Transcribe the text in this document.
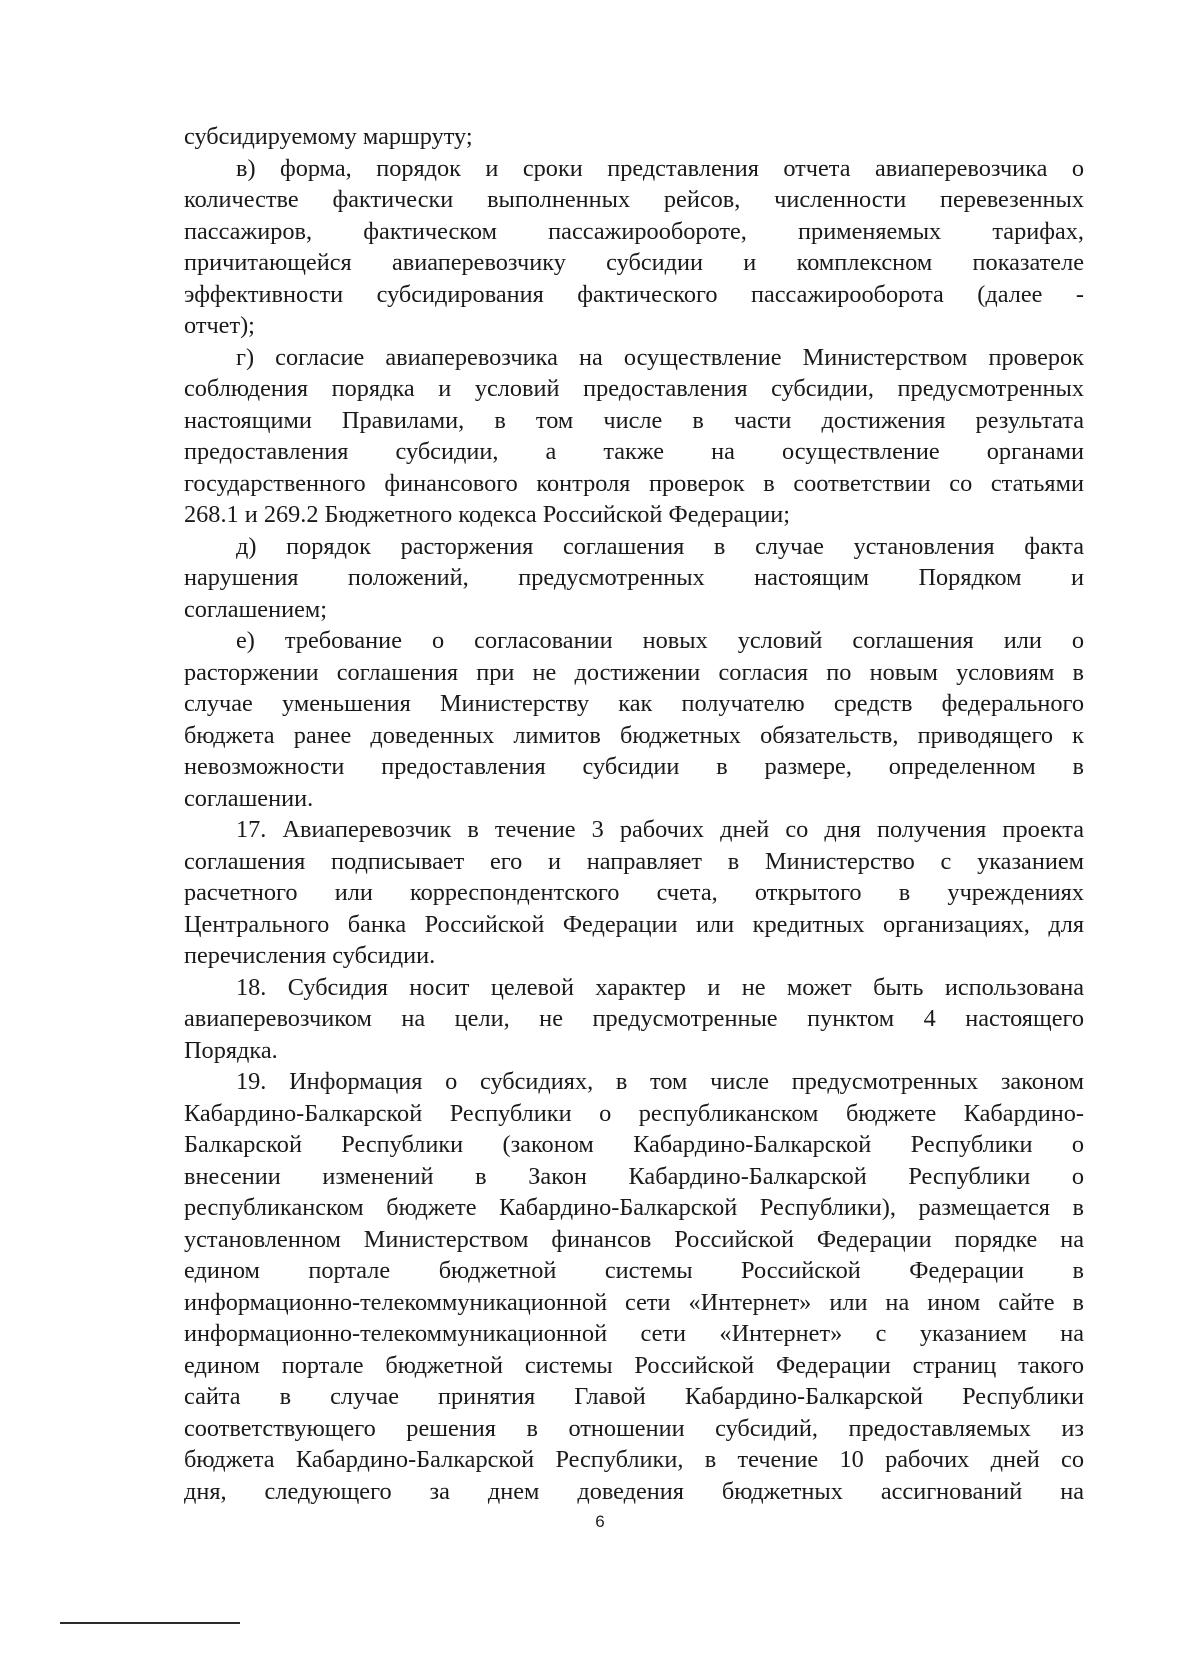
субсидируемому маршруту;
в) форма, порядок и сроки представления отчета авиаперевозчика о
количестве фактически выполненных рейсов, численности перевезенных
пассажиров, фактическом пассажирообороте, применяемых тарифах,
причитающейся авиаперевозчику субсидии и комплексном показателе
эффективности субсидирования фактического пассажирооборота (далее -
отчет);
г) согласие авиаперевозчика на осуществление Министерством проверок
соблюдения порядка и условий предоставления субсидии, предусмотренных
настоящими Правилами, в том числе в части достижения результата
предоставления субсидии, а также на осуществление органами
государственного финансового контроля проверок в соответствии со статьями
268.1 и 269.2 Бюджетного кодекса Российской Федерации;
д) порядок расторжения соглашения в случае установления факта
нарушения положений, предусмотренных настоящим Порядком и
соглашением;
е) требование о согласовании новых условий соглашения или о
расторжении соглашения при не достижении согласия по новым условиям в
случае уменьшения Министерству как получателю средств федерального
бюджета ранее доведенных лимитов бюджетных обязательств, приводящего к
невозможности предоставления субсидии в размере, определенном в
соглашении.
17. Авиаперевозчик в течение 3 рабочих дней со дня получения проекта
соглашения подписывает его и направляет в Министерство с указанием
расчетного или корреспондентского счета, открытого в учреждениях
Центрального банка Российской Федерации или кредитных организациях, для
перечисления субсидии.
18. Субсидия носит целевой характер и не может быть использована
авиаперевозчиком на цели, не предусмотренные пунктом 4 настоящего
Порядка.
19. Информация о субсидиях, в том числе предусмотренных законом
Кабардино-Балкарской Республики о республиканском бюджете Кабардино-
Балкарской Республики (законом Кабардино-Балкарской Республики о
внесении изменений в Закон Кабардино-Балкарской Республики о
республиканском бюджете Кабардино-Балкарской Республики), размещается в
установленном Министерством финансов Российской Федерации порядке на
едином портале бюджетной системы Российской Федерации в
информационно-телекоммуникационной сети «Интернет» или на ином сайте в
информационно-телекоммуникационной сети «Интернет» с указанием на
едином портале бюджетной системы Российской Федерации страниц такого
сайта в случае принятия Главой Кабардино-Балкарской Республики
соответствующего решения в отношении субсидий, предоставляемых из
бюджета Кабардино-Балкарской Республики, в течение 10 рабочих дней со
дня, следующего за днем доведения бюджетных ассигнований на
6
